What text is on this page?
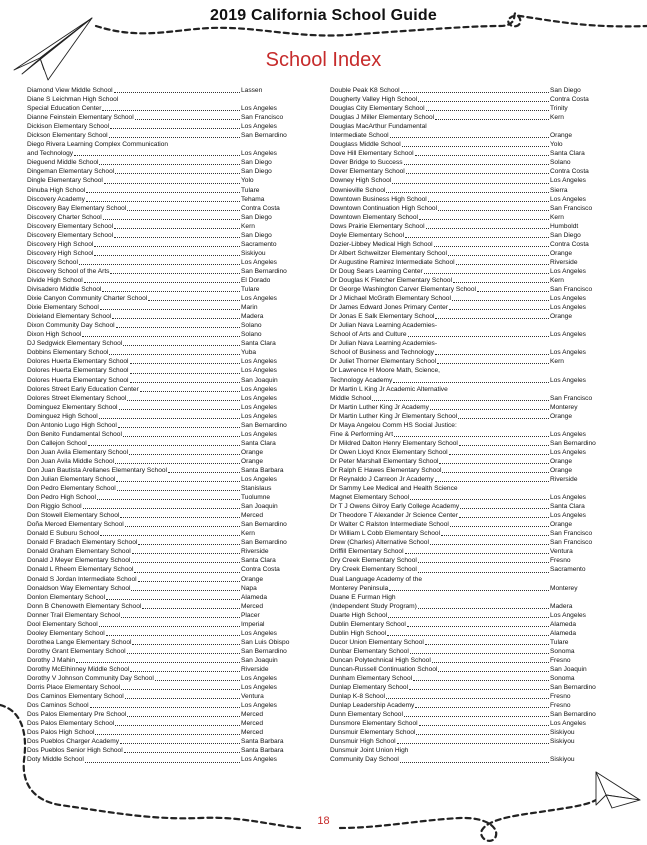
2019 California School Guide
School Index
Diamond View Middle School	Lassen
Diane S Leichman High School
Special Education Center	Los Angeles
Dianne Feinstein Elementary School	San Francisco
Dickison Elementary School	Los Angeles
Dickson Elementary School	San Bernardino
Diego Rivera Learning Complex Communication
and Technology	Los Angeles
Dieguend Middle School	San Diego
Dingeman Elementary School	San Diego
Dingle Elementary School	Yolo
Dinuba High School	Tulare
Discovery Academy	Tehama
Discovery Bay Elementary School	Contra Costa
Discovery Charter School	San Diego
Discovery Elementary School	Kern
Discovery Elementary School	San Diego
Discovery High School	Sacramento
Discovery High School	Siskiyou
Discovery School	Los Angeles
Discovery School of the Arts	San Bernardino
Divide High School	El Dorado
Divisadero Middle School	Tulare
Dixie Canyon Community Charter School	Los Angeles
Dixie Elementary School	Marin
Dixieland Elementary School	Madera
Dixon Community Day School	Solano
Dixon High School	Solano
DJ Sedgwick Elementary School	Santa Clara
Dobbins Elementary School	Yuba
Dolores Huerta Elementary School	Los Angeles
Dolores Huerta Elementary School	Los Angeles
Dolores Huerta Elementary School	San Joaquin
Dolores Street Early Education Center	Los Angeles
Dolores Street Elementary School	Los Angeles
Dominguez Elementary School	Los Angeles
Dominguez High School	Los Angeles
Don Antonio Lugo High School	San Bernardino
Don Benito Fundamental School	Los Angeles
Don Callejon School	Santa Clara
Don Juan Avila Elementary School	Orange
Don Juan Avila Middle School	Orange
Don Juan Bautista Arellanes Elementary School	Santa Barbara
Don Julian Elementary School	Los Angeles
Don Pedro Elementary School	Stanislaus
Don Pedro High School	Tuolumne
Don Riggio School	San Joaquin
Don Stowell Elementary School	Merced
Doña Merced Elementary School	San Bernardino
Donald E Suburu School	Kern
Donald F Bradach Elementary School	San Bernardino
Donald Graham Elementary School	Riverside
Donald J Meyer Elementary School	Santa Clara
Donald L Rheem Elementary School	Contra Costa
Donald S Jordan Intermediate School	Orange
Donaldson Way Elementary School	Napa
Donlon Elementary School	Alameda
Donn B Chenoweth Elementary School	Merced
Donner Trail Elementary School	Placer
Dool Elementary School	Imperial
Dooley Elementary School	Los Angeles
Dorothea Lange Elementary School	San Luis Obispo
Dorothy Grant Elementary School	San Bernardino
Dorothy J Mahin	San Joaquin
Dorothy McElhinney Middle School	Riverside
Dorothy V Johnson Community Day School	Los Angeles
Dorris Place Elementary School	Los Angeles
Dos Caminos Elementary School	Ventura
Dos Caminos School	Los Angeles
Dos Palos Elementary Pre School	Merced
Dos Palos Elementary School	Merced
Dos Palos High School	Merced
Dos Pueblos Charger Academy	Santa Barbara
Dos Pueblos Senior High School	Santa Barbara
Doty Middle School	Los Angeles
Double Peak K8 School	San Diego
Dougherty Valley High School	Contra Costa
Douglas City Elementary School	Trinity
Douglas J Miller Elementary School	Kern
Douglas MacArthur Fundamental
Intermediate School	Orange
Douglass Middle School	Yolo
Dove Hill Elementary School	Santa Clara
Dover Bridge to Success	Solano
Dover Elementary School	Contra Costa
Downey High School	Los Angeles
Downieville School	Sierra
Downtown Business High School	Los Angeles
Downtown Continuation High School	San Francisco
Downtown Elementary School	Kern
Dows Prairie Elementary School	Humboldt
Doyle Elementary School	San Diego
Dozier-Libbey Medical High School	Contra Costa
Dr Albert Schweitzer Elementary School	Orange
Dr Augustine Ramirez Intermediate School	Riverside
Dr Doug Sears Learning Center	Los Angeles
Dr Douglas K Fletcher Elementary School	Kern
Dr George Washington Carver Elementary School	San Francisco
Dr J Michael McGrath Elementary School	Los Angeles
Dr James Edward Jones Primary Center	Los Angeles
Dr Jonas E Salk Elementary School	Orange
Dr Julian Nava Learning Academies-
School of Arts and Culture	Los Angeles
Dr Julian Nava Learning Academies-
School of Business and Technology	Los Angeles
Dr Juliet Thorner Elementary School	Kern
Dr Lawrence H Moore Math, Science,
Technology Academy	Los Angeles
Dr Martin L King Jr Academic Alternative
Middle School	San Francisco
Dr Martin Luther King Jr Academy	Monterey
Dr Martin Luther King Jr Elementary School	Orange
Dr Maya Angelou Comm HS Social Justice:
Fine & Performing Art	Los Angeles
Dr Mildred Dalton Henry Elementary School	San Bernardino
Dr Owen Lloyd Knox Elementary School	Los Angeles
Dr Peter Marshall Elementary School	Orange
Dr Ralph E Hawes Elementary School	Orange
Dr Reynaldo J Carreon Jr Academy	Riverside
Dr Sammy Lee Medical and Health Science
Magnet Elementary School	Los Angeles
Dr T J Owens Gilroy Early College Academy	Santa Clara
Dr Theodore T Alexander Jr Science Center	Los Angeles
Dr Walter C Ralston Intermediate School	Orange
Dr William L Cobb Elementary School	San Francisco
Drew (Charles) Alternative School	San Francisco
Driffill Elementary School	Ventura
Dry Creek Elementary School	Fresno
Dry Creek Elementary School	Sacramento
Dual Language Academy of the
Monterey Peninsula	Monterey
Duane E Furman High
(Independent Study Program)	Madera
Duarte High School	Los Angeles
Dublin Elementary School	Alameda
Dublin High School	Alameda
Ducor Union Elementary School	Tulare
Dunbar Elementary School	Sonoma
Duncan Polytechnical High School	Fresno
Duncan-Russell Continuation School	San Joaquin
Dunham Elementary School	Sonoma
Dunlap Elementary School	San Bernardino
Dunlap K-8 School	Fresno
Dunlap Leadership Academy	Fresno
Dunn Elementary School	San Bernardino
Dunsmore Elementary School	Los Angeles
Dunsmuir Elementary School	Siskiyou
Dunsmuir High School	Siskiyou
Dunsmuir Joint Union High
Community Day School	Siskiyou
18
